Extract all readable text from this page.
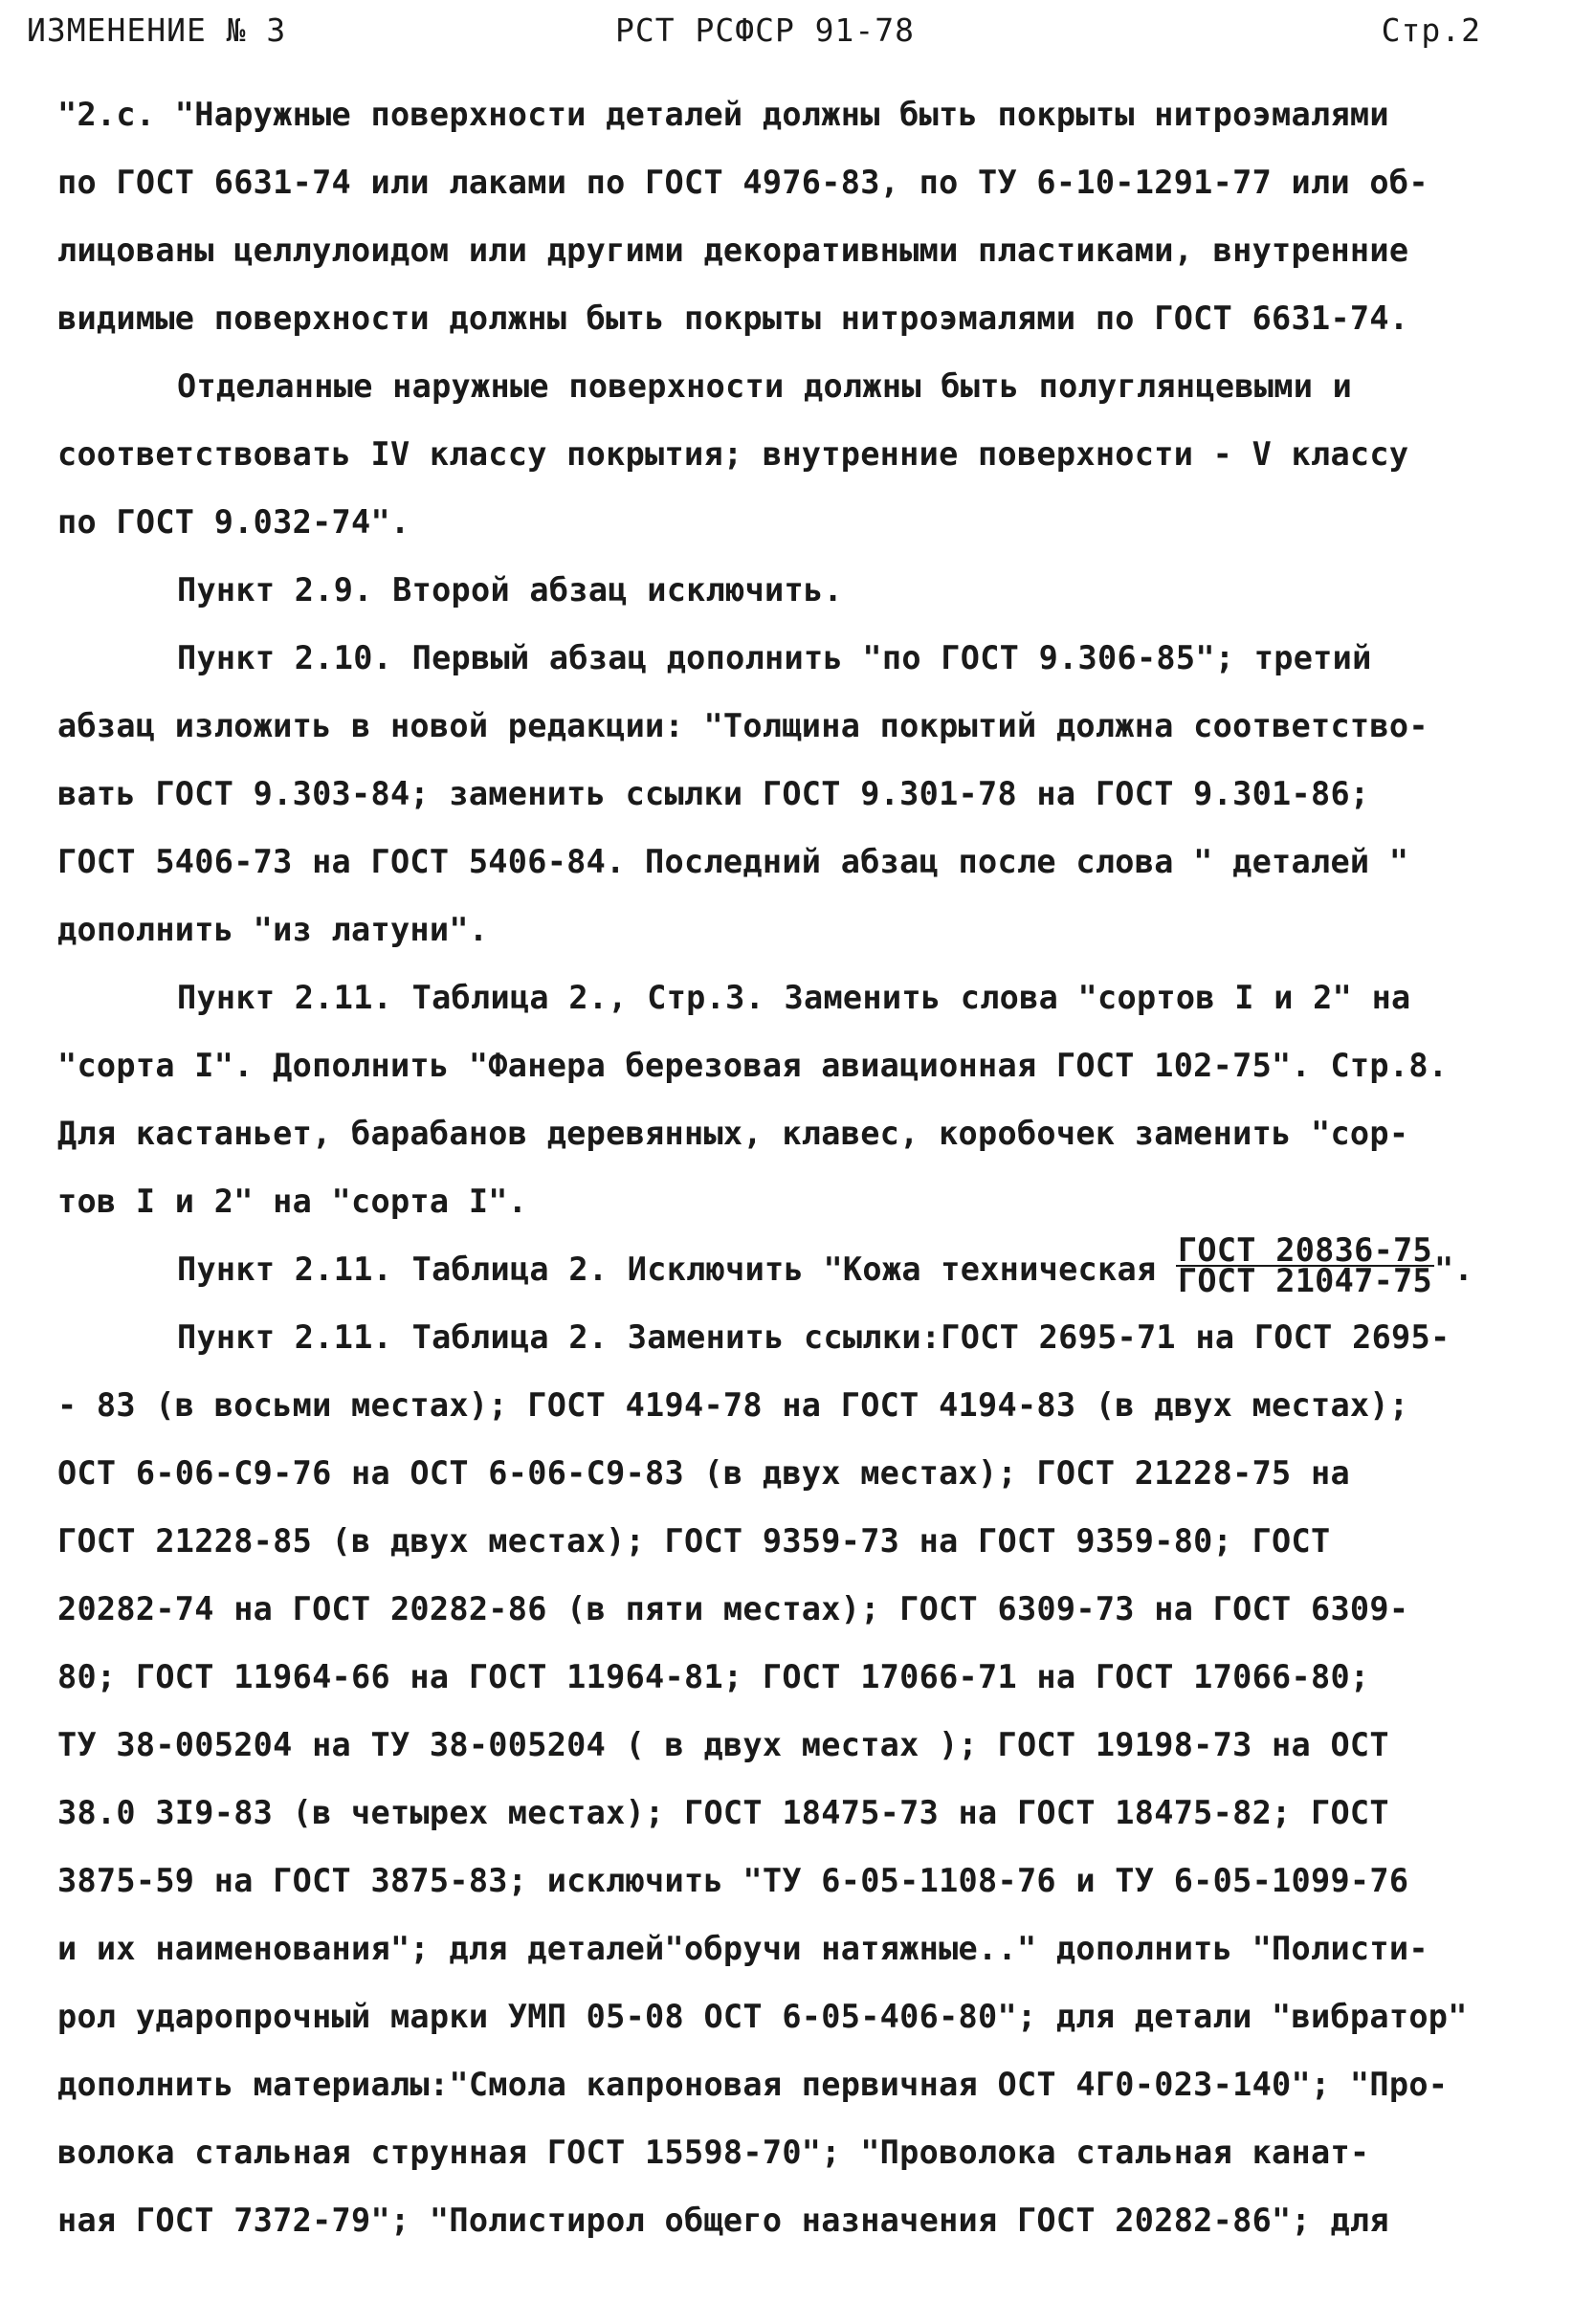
ИЗМЕНЕНИЕ № 3	РСТ РСФСР 91-78	Стр.2
"2.с. "Наружные поверхности деталей должны быть покрыты нитроэмалями
по ГОСТ 6631-74 или лаками по ГОСТ 4976-83, по ТУ 6-10-1291-77 или об-
лицованы целлулоидом или другими декоративными пластиками, внутренние
видимые поверхности должны быть покрыты нитроэмалями по ГОСТ 6631-74.
Отделанные наружные поверхности должны быть полуглянцевыми и
соответствовать IV классу покрытия; внутренние поверхности - V классу
по ГОСТ 9.032-74".
Пункт 2.9. Второй абзац исключить.
Пункт 2.10. Первый абзац дополнить "по ГОСТ 9.306-85"; третий
абзац изложить в новой редакции: "Толщина покрытий должна соответство-
вать ГОСТ 9.303-84; заменить ссылки ГОСТ 9.301-78 на ГОСТ 9.301-86;
ГОСТ 5406-73 на ГОСТ 5406-84. Последний абзац после слова " деталей "
дополнить "из латуни".
Пункт 2.11. Таблица 2., Стр.3. Заменить слова "сортов I и 2" на
"сорта I". Дополнить "Фанера березовая авиационная ГОСТ 102-75". Стр.8.
Для кастаньет, барабанов деревянных, клавес, коробочек заменить "сор-
тов I и 2" на "сорта I".
Пункт 2.11. Таблица 2. Исключить "Кожа техническая $\frac{\text{ГОСТ 20836-75}}{\text{ГОСТ 21047-75}}$ ".
Пункт 2.11. Таблица 2. Заменить ссылки:ГОСТ 2695-71 на ГОСТ 2695-
- 83 (в восьми местах); ГОСТ 4194-78 на ГОСТ 4194-83 (в двух местах);
ОСТ 6-06-С9-76 на ОСТ 6-06-С9-83 (в двух местах); ГОСТ 21228-75 на
ГОСТ 21228-85 (в двух местах); ГОСТ 9359-73 на ГОСТ 9359-80; ГОСТ
20282-74 на ГОСТ 20282-86 (в пяти местах); ГОСТ 6309-73 на ГОСТ 6309-
80; ГОСТ 11964-66 на ГОСТ 11964-81; ГОСТ 17066-71 на ГОСТ 17066-80;
ТУ 38-005204 на ТУ 38-005204 ( в двух местах ); ГОСТ 19198-73 на ОСТ
38.0 3I9-83 (в четырех местах); ГОСТ 18475-73 на ГОСТ 18475-82; ГОСТ
3875-59 на ГОСТ 3875-83; исключить "ТУ 6-05-1108-76 и ТУ 6-05-1099-76
и их наименования"; для деталей"обручи натяжные.." дополнить "Полисти-
рол ударопрочный марки УМП 05-08 ОСТ 6-05-406-80"; для детали "вибратор"
дополнить материалы:"Смола капроновая первичная ОСТ 4Г0-023-140"; "Про-
волока стальная струнная ГОСТ 15598-70"; "Проволока стальная канат-
ная ГОСТ 7372-79"; "Полистирол общего назначения ГОСТ 20282-86"; для
